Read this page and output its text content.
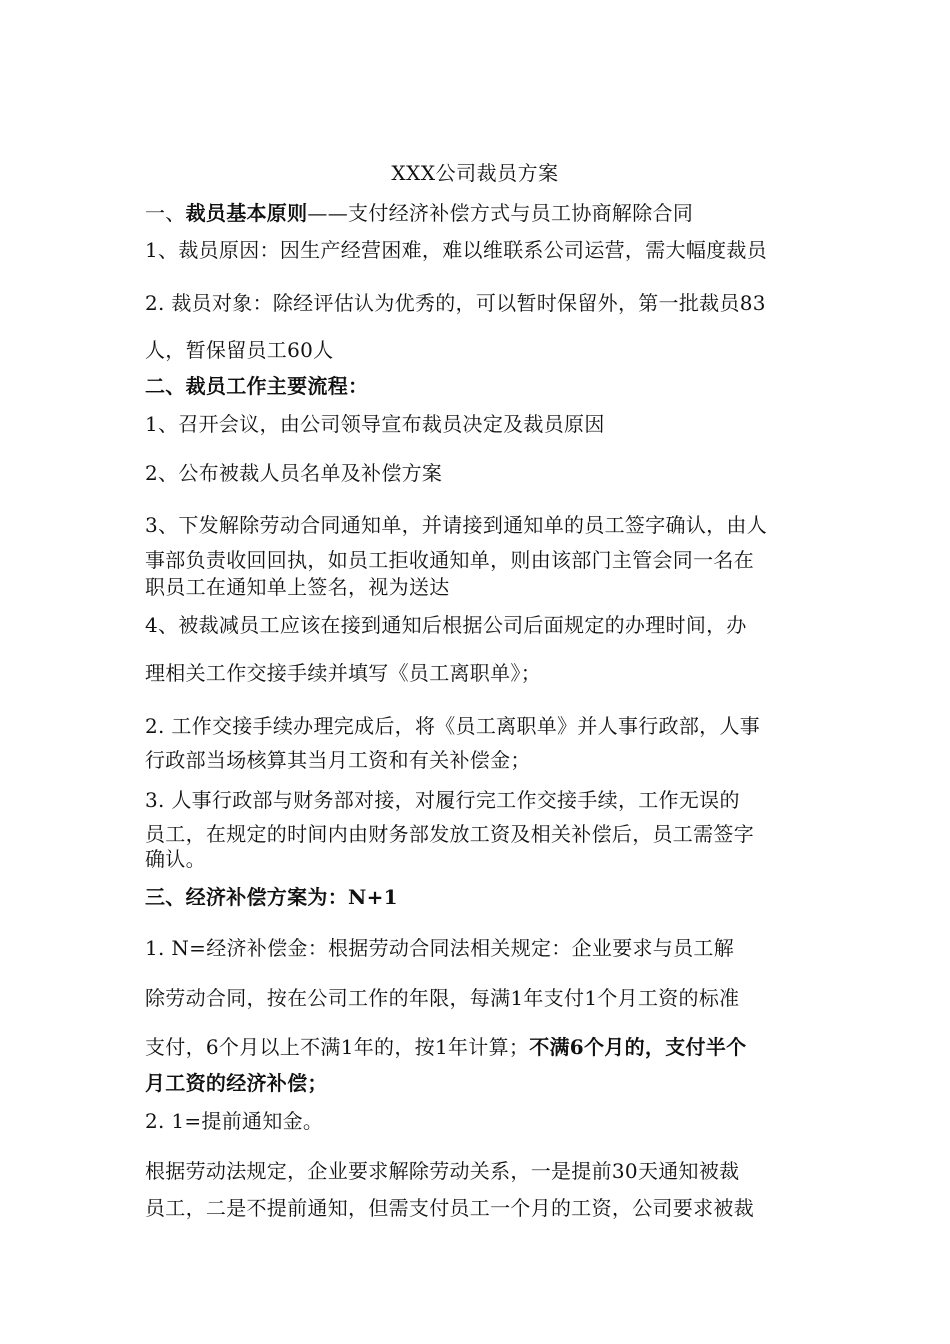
XXX公司裁员方案
一、裁员基本原则——支付经济补偿方式与员工协商解除合同
1、裁员原因：因生产经营困难，难以维联系公司运营，需大幅度裁员
2. 裁员对象：除经评估认为优秀的，可以暂时保留外，第一批裁员83
人，暂保留员工60人
二、裁员工作主要流程：
1、召开会议，由公司领导宣布裁员决定及裁员原因
2、公布被裁人员名单及补偿方案
3、下发解除劳动合同通知单，并请接到通知单的员工签字确认，由人
事部负责收回回执，如员工拒收通知单，则由该部门主管会同一名在
职员工在通知单上签名，视为送达
4、被裁减员工应该在接到通知后根据公司后面规定的办理时间，办
理相关工作交接手续并填写《员工离职单》；
2. 工作交接手续办理完成后，将《员工离职单》并人事行政部，人事
行政部当场核算其当月工资和有关补偿金；
3. 人事行政部与财务部对接，对履行完工作交接手续，工作无误的
员工，在规定的时间内由财务部发放工资及相关补偿后，员工需签字
确认。
三、经济补偿方案为：N+1
1. N=经济补偿金：根据劳动合同法相关规定：企业要求与员工解
除劳动合同，按在公司工作的年限，每满1年支付1个月工资的标准
支付，6个月以上不满1年的，按1年计算；不满6个月的，支付半个
月工资的经济补偿；
2. 1=提前通知金。
根据劳动法规定，企业要求解除劳动关系，一是提前30天通知被裁
员工，二是不提前通知，但需支付员工一个月的工资，公司要求被裁
